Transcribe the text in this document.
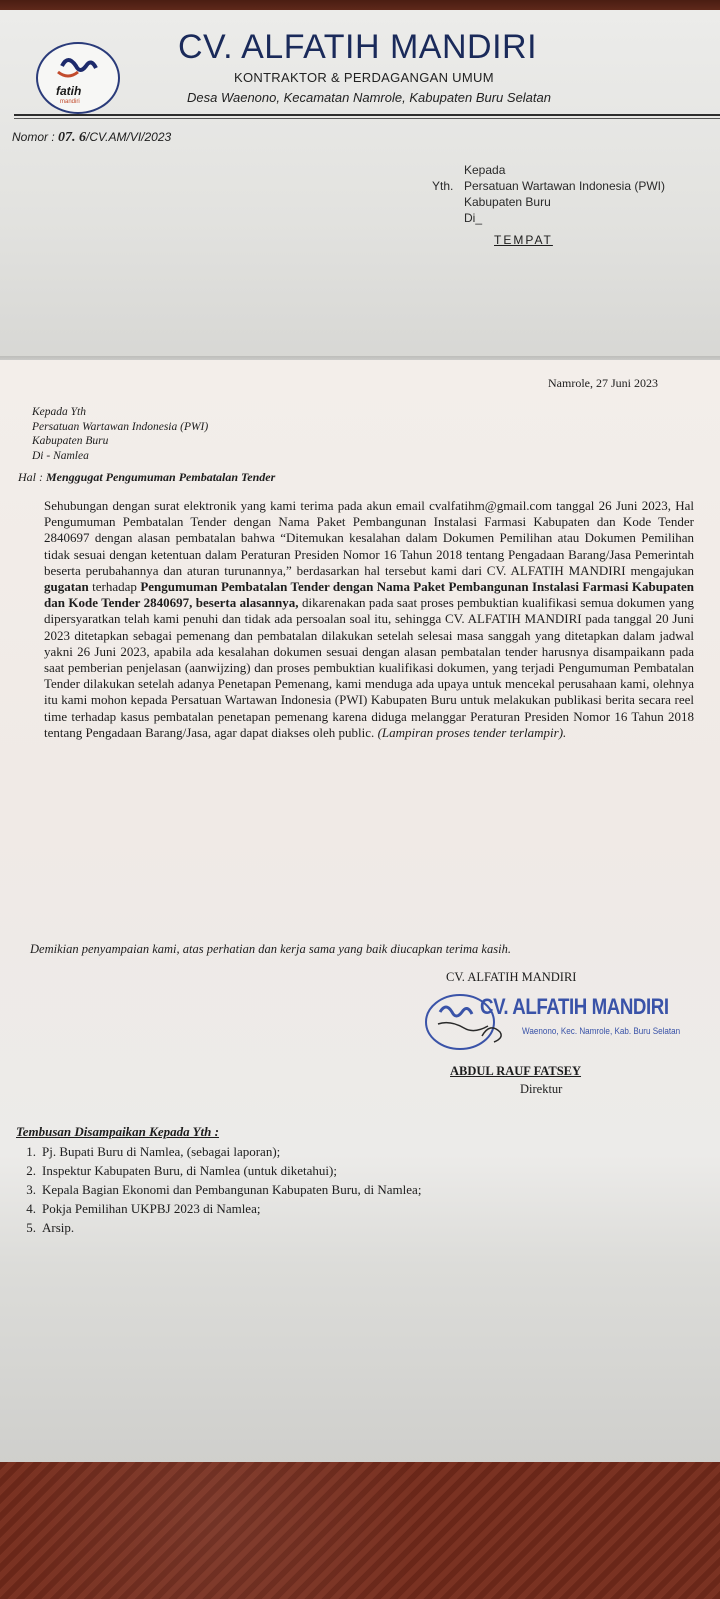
fatih
mandiri
CV. ALFATIH MANDIRI
KONTRAKTOR & PERDAGANGAN UMUM
Desa Waenono, Kecamatan Namrole, Kabupaten Buru Selatan
Nomor : 07. 6/CV.AM/VI/2023
Yth.
Kepada
Persatuan Wartawan Indonesia (PWI)
Kabupaten Buru
Di_
TEMPAT
Namrole, 27 Juni 2023
Kepada Yth
Persatuan Wartawan Indonesia (PWI)
Kabupaten Buru
Di - Namlea
Hal : Menggugat Pengumuman Pembatalan Tender
Sehubungan dengan surat elektronik yang kami terima pada akun email cvalfatihm@gmail.com tanggal 26 Juni 2023, Hal Pengumuman Pembatalan Tender dengan Nama Paket Pembangunan Instalasi Farmasi Kabupaten dan Kode Tender 2840697 dengan alasan pembatalan bahwa “Ditemukan kesalahan dalam Dokumen Pemilihan atau Dokumen Pemilihan tidak sesuai dengan ketentuan dalam Peraturan Presiden Nomor 16 Tahun 2018 tentang Pengadaan Barang/Jasa Pemerintah beserta perubahannya dan aturan turunannya,” berdasarkan hal tersebut kami dari CV. ALFATIH MANDIRI mengajukan gugatan terhadap Pengumuman Pembatalan Tender dengan Nama Paket Pembangunan Instalasi Farmasi Kabupaten dan Kode Tender 2840697, beserta alasannya, dikarenakan pada saat proses pembuktian kualifikasi semua dokumen yang dipersyaratkan telah kami penuhi dan tidak ada persoalan soal itu, sehingga CV. ALFATIH MANDIRI pada tanggal 20 Juni 2023 ditetapkan sebagai pemenang dan pembatalan dilakukan setelah selesai masa sanggah yang ditetapkan dalam jadwal yakni 26 Juni 2023, apabila ada kesalahan dokumen sesuai dengan alasan pembatalan tender harusnya disampaikann pada saat pemberian penjelasan (aanwijzing) dan proses pembuktian kualifikasi dokumen, yang terjadi Pengumuman Pembatalan Tender dilakukan setelah adanya Penetapan Pemenang, kami menduga ada upaya untuk mencekal perusahaan kami, olehnya itu kami mohon kepada Persatuan Wartawan Indonesia (PWI) Kabupaten Buru untuk melakukan publikasi berita secara reel time terhadap kasus pembatalan penetapan pemenang karena diduga melanggar Peraturan Presiden Nomor 16 Tahun 2018 tentang Pengadaan Barang/Jasa, agar dapat diakses oleh public. (Lampiran proses tender terlampir).
Demikian penyampaian kami, atas perhatian dan kerja sama yang baik diucapkan terima kasih.
CV. ALFATIH MANDIRI
CV. ALFATIH MANDIRI
Waenono, Kec. Namrole, Kab. Buru Selatan
ABDUL RAUF FATSEY
Direktur
Tembusan Disampaikan Kepada Yth :
1. Pj. Bupati Buru di Namlea, (sebagai laporan);
2. Inspektur Kabupaten Buru, di Namlea (untuk diketahui);
3. Kepala Bagian Ekonomi dan Pembangunan Kabupaten Buru, di Namlea;
4. Pokja Pemilihan UKPBJ 2023 di Namlea;
5. Arsip.
